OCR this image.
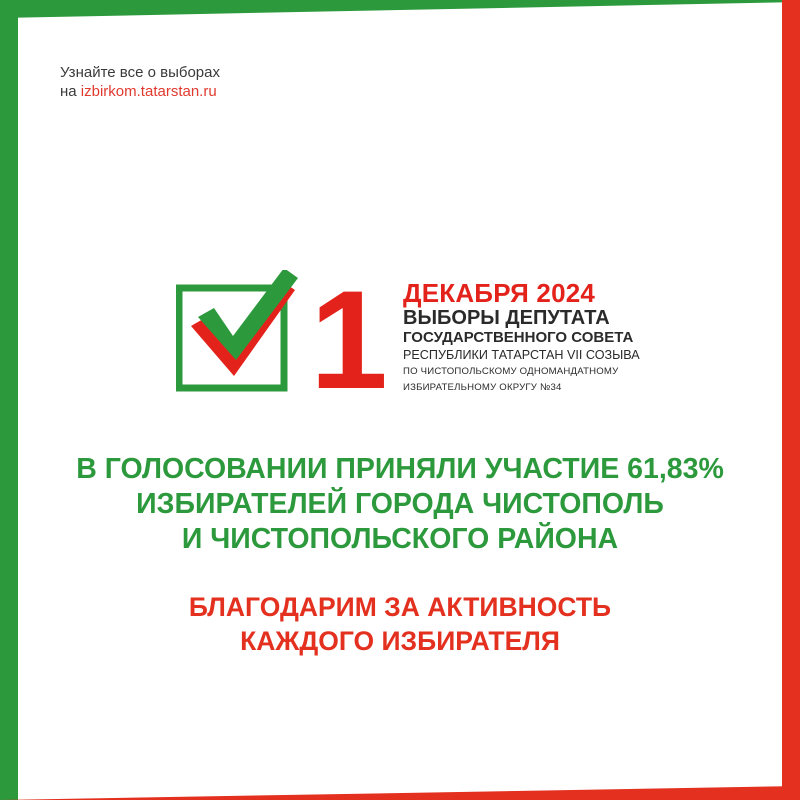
Узнайте все о выборах
на izbirkom.tatarstan.ru
1 ДЕКАБРЯ 2024
ВЫБОРЫ ДЕПУТАТА
ГОСУДАРСТВЕННОГО СОВЕТА
РЕСПУБЛИКИ ТАТАРСТАН VII СОЗЫВА
ПО ЧИСТОПОЛЬСКОМУ ОДНОМАНДАТНОМУ
ИЗБИРАТЕЛЬНОМУ ОКРУГУ №34
В ГОЛОСОВАНИИ ПРИНЯЛИ УЧАСТИЕ 61,83%
ИЗБИРАТЕЛЕЙ ГОРОДА ЧИСТОПОЛЬ
И ЧИСТОПОЛЬСКОГО РАЙОНА
БЛАГОДАРИМ ЗА АКТИВНОСТЬ
КАЖДОГО ИЗБИРАТЕЛЯ
